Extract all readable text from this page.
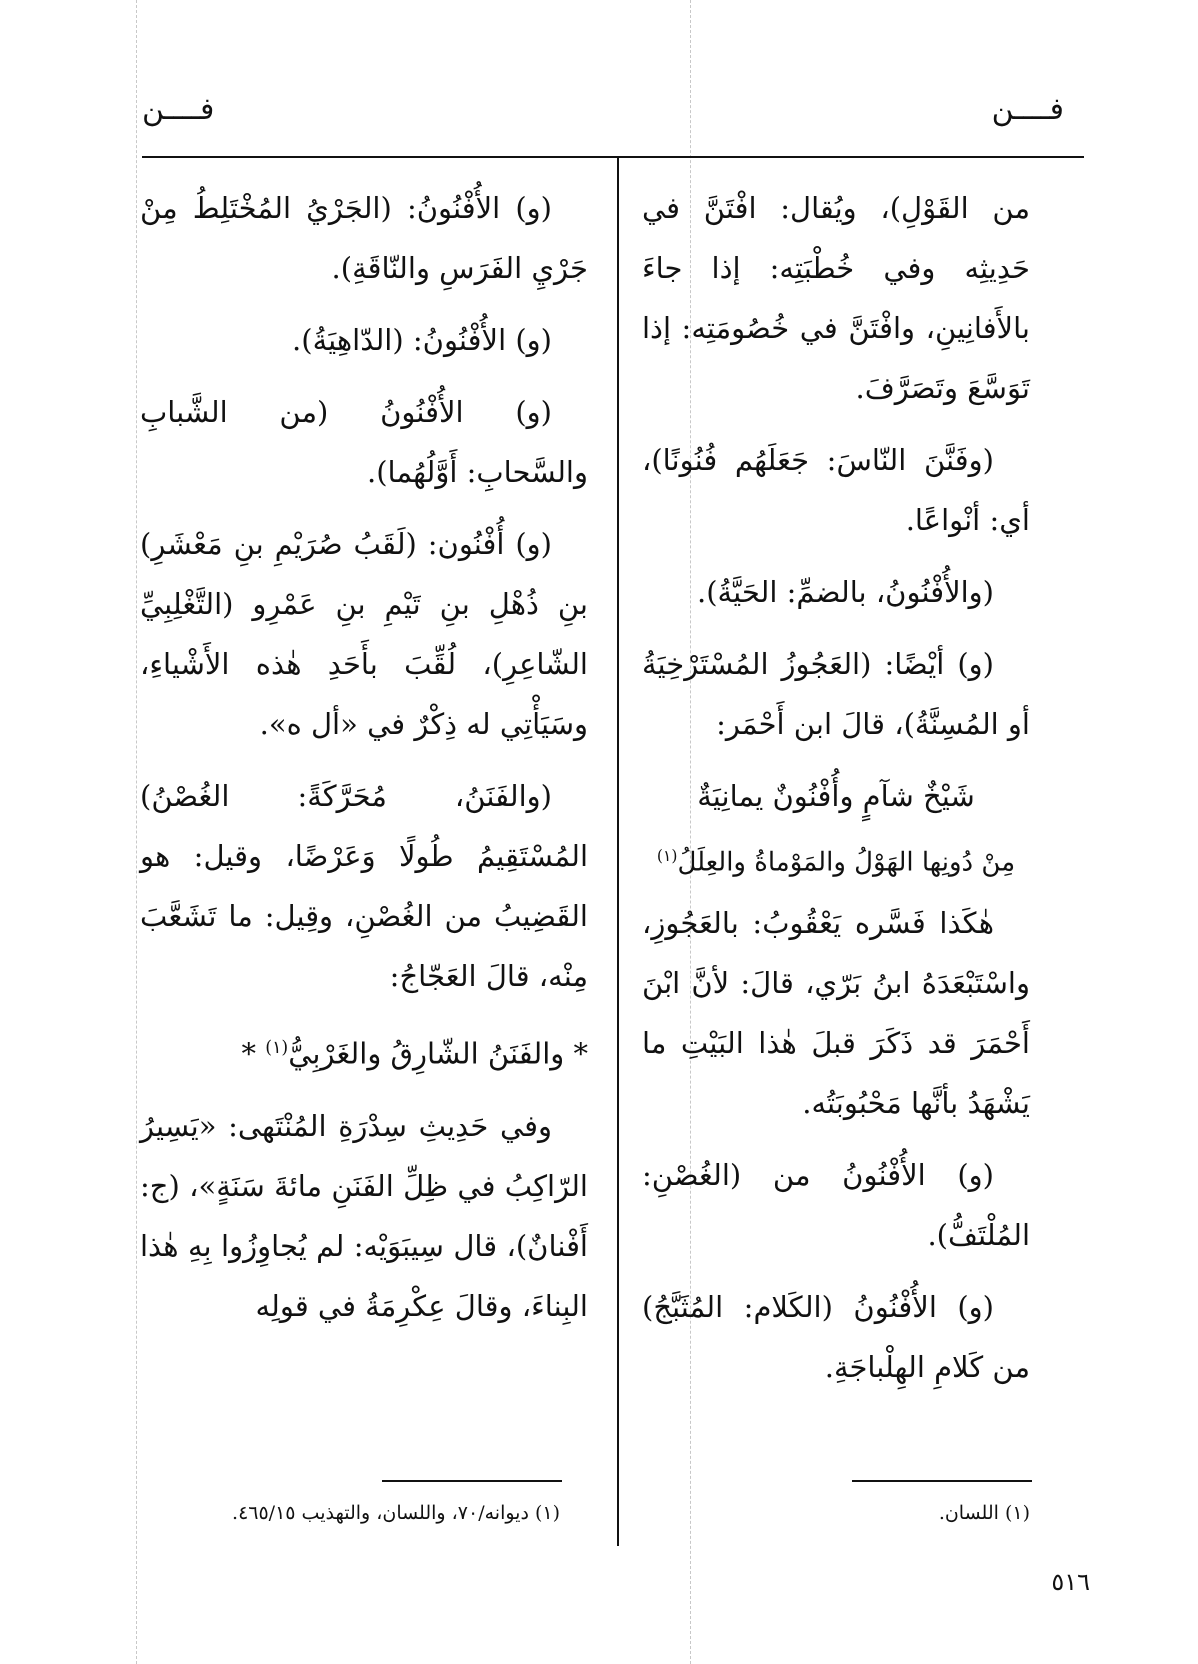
فــــن
فــــن

من القَوْلِ)، ويُقال: افْتَنَّ في حَدِيثِه وفي خُطْبَتِه: إذا جاءَ بالأَفانِينِ، وافْتَنَّ في خُصُومَتِه: إذا تَوَسَّعَ وتَصَرَّفَ.

(وفَنَّنَ النّاسَ: جَعَلَهُم فُنُونًا)، أي: أنْواعًا.

(والأُفْنُونُ، بالضمِّ: الحَيَّةُ).

(و) أيْضًا: (العَجُوزُ المُسْتَرْخِيَةُ أو المُسِنَّةُ)، قالَ ابن أَحْمَر:

شَيْخٌ شآمٍ وأُفْنُونٌ يمانِيَةٌ
مِنْ دُونِها الهَوْلُ والمَوْماةُ والعِلَلُ$^{(١)}$

هٰكَذا فَسَّره يَعْقُوبُ: بالعَجُوزِ، واسْتَبْعَدَهُ ابنُ بَرّي، قالَ: لأنَّ ابْنَ أَحْمَرَ قد ذَكَرَ قبلَ هٰذا البَيْتِ ما يَشْهَدُ بأنَّها مَحْبُوبَتُه.

(و) الأُفْنُونُ من (الغُصْنِ: المُلْتَفُّ).

(و) الأُفْنُونُ (الكَلام: المُثَبَّجُ) من كَلامِ الهِلْباجَةِ.

(و) الأُفْنُونُ: (الجَرْيُ المُخْتَلِطُ مِنْ جَرْيِ الفَرَسِ والنّاقَةِ).

(و) الأُفْنُونُ: (الدّاهِيَةُ).

(و) الأُفْنُونُ (من الشَّبابِ والسَّحابِ: أَوَّلُهُما).

(و) أُفْنُون: (لَقَبُ صُرَيْمِ بنِ مَعْشَرِ) بنِ ذُهْلِ بنِ تَيْمِ بنِ عَمْرِو (التَّغْلِبِيِّ الشّاعِرِ)، لُقِّبَ بأَحَدِ هٰذه الأَشْياءِ، وسَيَأْتِي له ذِكْرٌ في «أل ه».

(والفَنَنُ، مُحَرَّكَةً: الغُصْنُ) المُسْتَقِيمُ طُولًا وَعَرْضًا، وقيل: هو القَضِيبُ من الغُصْنِ، وقِيل: ما تَشَعَّبَ مِنْه، قالَ العَجّاجُ:

* والفَنَنُ الشّارِقُ والغَرْبِيُّ$^{(١)}$ *

وفي حَدِيثِ سِدْرَةِ المُنْتَهى: «يَسِيرُ الرّاكِبُ في ظِلِّ الفَنَنِ مائةَ سَنَةٍ»، (ج: أَفْنانٌ)، قال سِيبَوَيْه: لم يُجاوِزُوا بِهِ هٰذا البِناءَ، وقالَ عِكْرِمَةُ في قولِه

(١) اللسان.
(١) ديوانه/٧٠، واللسان، والتهذيب ٤٦٥/١٥.
٥١٦
